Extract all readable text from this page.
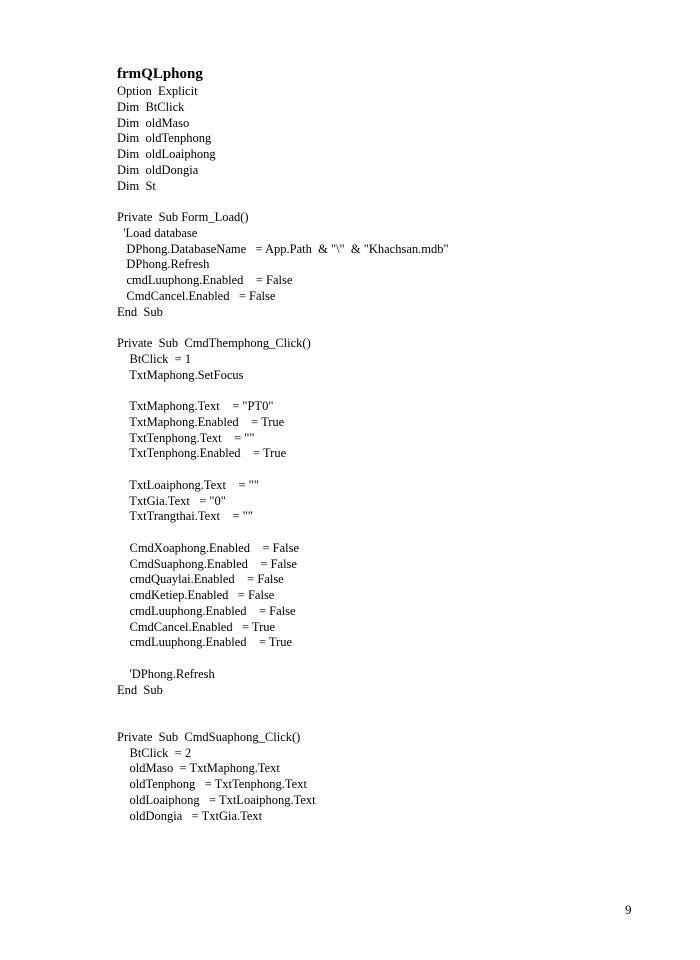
frmQLphong
Option  Explicit
Dim  BtClick
Dim  oldMaso
Dim  oldTenphong
Dim  oldLoaiphong
Dim  oldDongia
Dim  St
Private  Sub Form_Load()
'Load database
DPhong.DatabaseName   = App.Path  & "\"  & "Khachsan.mdb"
DPhong.Refresh
cmdLuuphong.Enabled    = False
CmdCancel.Enabled   = False
End  Sub
Private  Sub  CmdThemphong_Click()
BtClick  = 1
TxtMaphong.SetFocus
TxtMaphong.Text    = "PT0"
TxtMaphong.Enabled    = True
TxtTenphong.Text    = ""
TxtTenphong.Enabled    = True
TxtLoaiphong.Text    = ""
TxtGia.Text   = "0"
TxtTrangthai.Text    = ""
CmdXoaphong.Enabled    = False
CmdSuaphong.Enabled    = False
cmdQuaylai.Enabled    = False
cmdKetiep.Enabled   = False
cmdLuuphong.Enabled    = False
CmdCancel.Enabled   = True
cmdLuuphong.Enabled    = True
'DPhong.Refresh
End  Sub
Private  Sub  CmdSuaphong_Click()
BtClick  = 2
oldMaso  = TxtMaphong.Text
oldTenphong   = TxtTenphong.Text
oldLoaiphong   = TxtLoaiphong.Text
oldDongia   = TxtGia.Text
9
